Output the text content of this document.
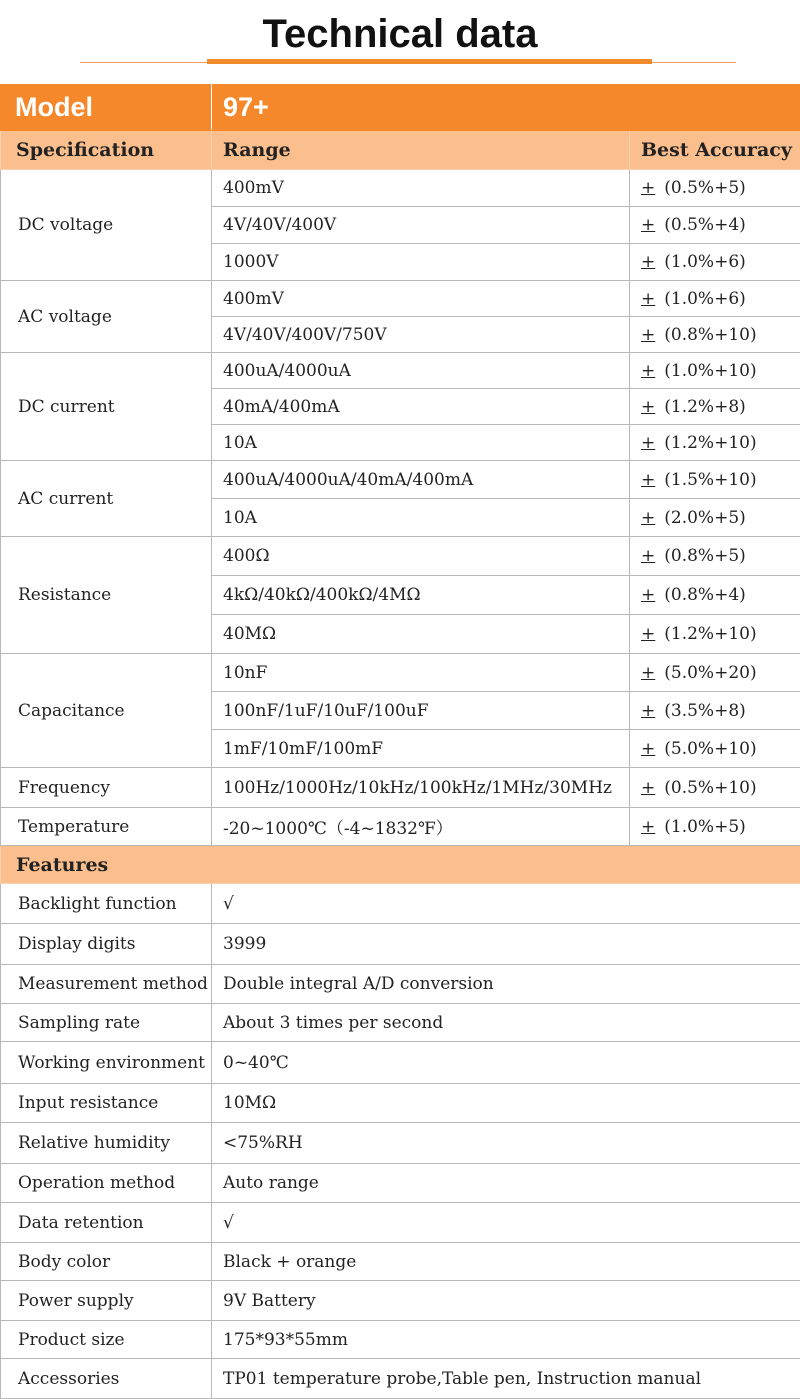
Technical data
Model	97+	
Specification	Range	Best Accuracy
DC voltage	400mV	+ (0.5%+5)
	4V/40V/400V	+ (0.5%+4)
	1000V	+ (1.0%+6)
AC voltage	400mV	+ (1.0%+6)
	4V/40V/400V/750V	+ (0.8%+10)
DC current	400uA/4000uA	+ (1.0%+10)
	40mA/400mA	+ (1.2%+8)
	10A	+ (1.2%+10)
AC current	400uA/4000uA/40mA/400mA	+ (1.5%+10)
	10A	+ (2.0%+5)
Resistance	400Ω	+ (0.8%+5)
	4kΩ/40kΩ/400kΩ/4MΩ	+ (0.8%+4)
	40MΩ	+ (1.2%+10)
Capacitance	10nF	+ (5.0%+20)
	100nF/1uF/10uF/100uF	+ (3.5%+8)
	1mF/10mF/100mF	+ (5.0%+10)
Frequency	100Hz/1000Hz/10kHz/100kHz/1MHz/30MHz	+ (0.5%+10)
Temperature	-20~1000℃（-4~1832℉）	+ (1.0%+5)
Features		
Backlight function	√	
Display digits	3999	
Measurement method	Double integral A/D conversion	
Sampling rate	About 3 times per second	
Working environment	0~40℃	
Input resistance	10MΩ	
Relative humidity	<75%RH	
Operation method	Auto range	
Data retention	√	
Body color	Black + orange	
Power supply	9V Battery	
Product size	175*93*55mm	
Accessories	TP01 temperature probe,Table pen, Instruction manual	
